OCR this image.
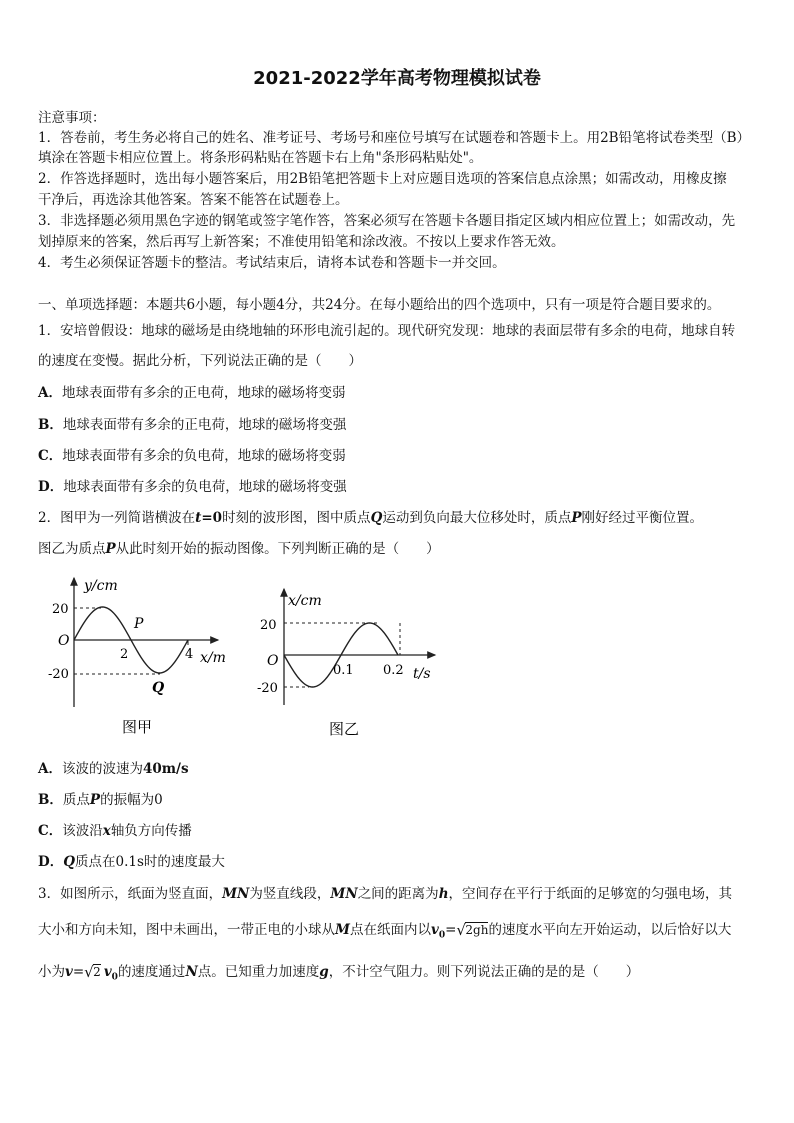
2021-2022学年高考物理模拟试卷
注意事项：
1．答卷前，考生务必将自己的姓名、准考证号、考场号和座位号填写在试题卷和答题卡上。用2B铅笔将试卷类型（B）
填涂在答题卡相应位置上。将条形码粘贴在答题卡右上角"条形码粘贴处"。
2．作答选择题时，选出每小题答案后，用2B铅笔把答题卡上对应题目选项的答案信息点涂黑；如需改动，用橡皮擦
干净后，再选涂其他答案。答案不能答在试题卷上。
3．非选择题必须用黑色字迹的钢笔或签字笔作答，答案必须写在答题卡各题目指定区域内相应位置上；如需改动，先
划掉原来的答案，然后再写上新答案；不准使用铅笔和涂改液。不按以上要求作答无效。
4．考生必须保证答题卡的整洁。考试结束后，请将本试卷和答题卡一并交回。
一、单项选择题：本题共6小题，每小题4分，共24分。在每小题给出的四个选项中，只有一项是符合题目要求的。
1．安培曾假设：地球的磁场是由绕地轴的环形电流引起的。现代研究发现：地球的表面层带有多余的电荷，地球自转
的速度在变慢。据此分析，下列说法正确的是（　　）
A．地球表面带有多余的正电荷，地球的磁场将变弱
B．地球表面带有多余的正电荷，地球的磁场将变强
C．地球表面带有多余的负电荷，地球的磁场将变弱
D．地球表面带有多余的负电荷，地球的磁场将变强
2．图甲为一列简谐横波在t=0时刻的波形图，图中质点Q运动到负向最大位移处时，质点P刚好经过平衡位置。
图乙为质点P从此时刻开始的振动图像。下列判断正确的是（　　）
y/cm
x/m
O
20
-20
2	4
P
Q
图甲
x/cm
t/s
O
20
-20
0.1 0.2
图乙
A．该波的波速为40m/s
B．质点P的振幅为0
C．该波沿x轴负方向传播
D．Q质点在0.1s时的速度最大
3．如图所示，纸面为竖直面，MN为竖直线段，MN之间的距离为h，空间存在平行于纸面的足够宽的匀强电场，其
大小和方向未知，图中未画出，一带正电的小球从M点在纸面内以$v_0=$ √ 2gh的速度水平向左开始运动，以后恰好以大
小为v= √ 2 $v_0$的速度通过N点。已知重力加速度g，不计空气阻力。则下列说法正确的是的是（　　）
